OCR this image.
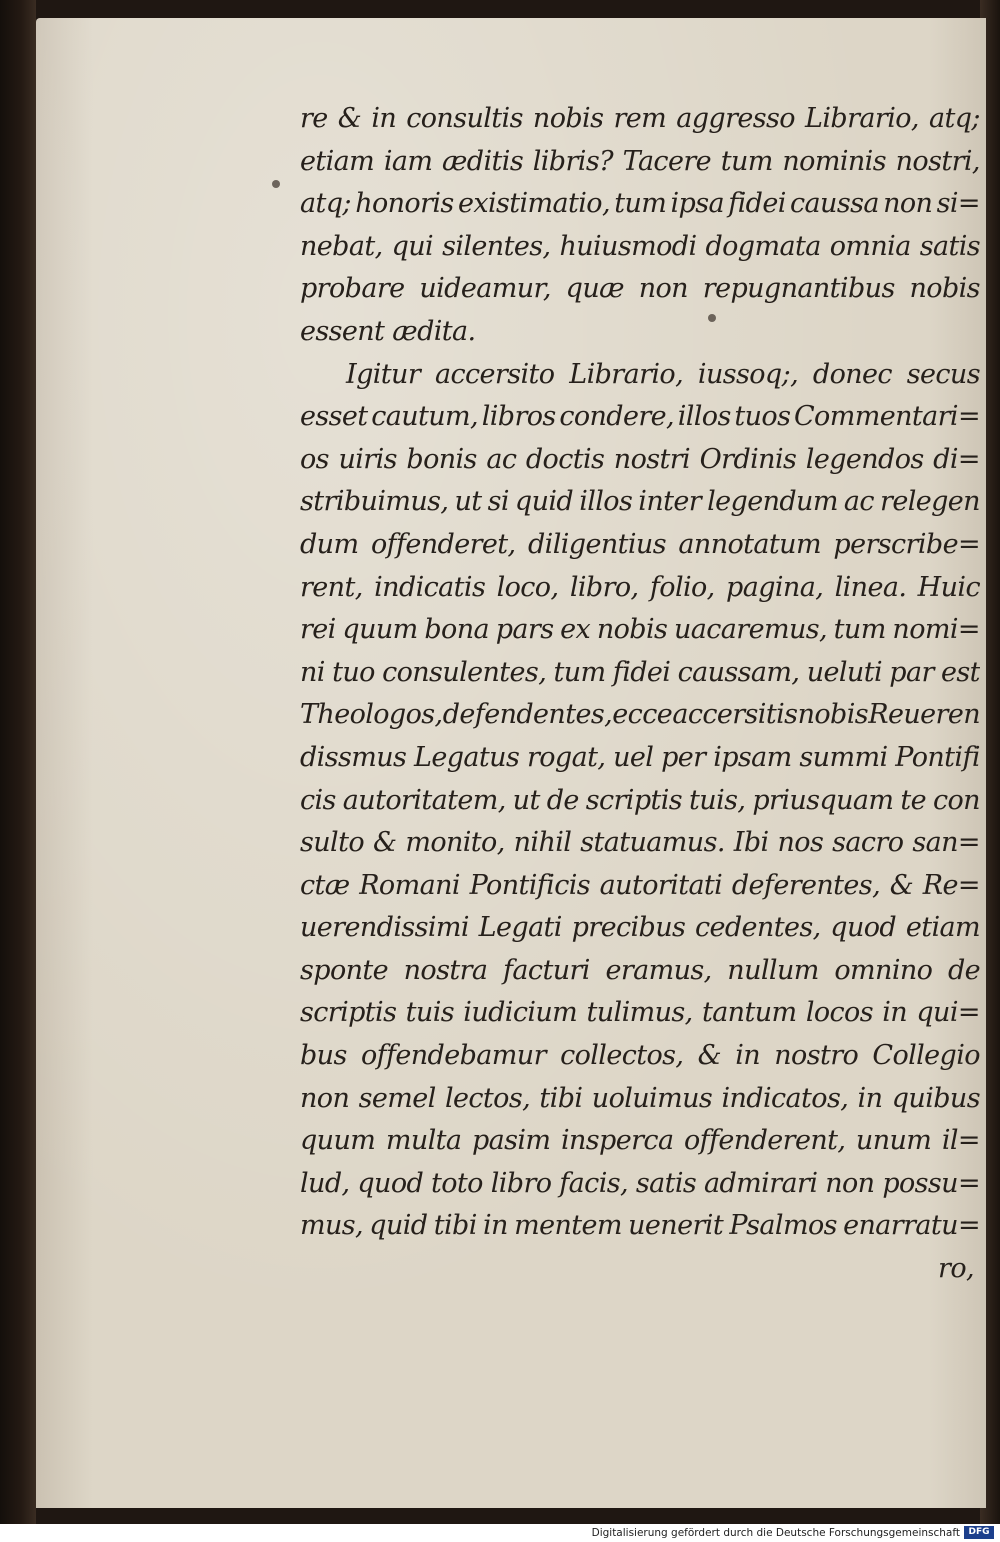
re & in consultis nobis rem aggresso Librario, atq;
etiam iam æditis libris? Tacere tum nominis nostri,
atq; honoris existimatio, tum ipsa fidei caussa non si=
nebat, qui silentes, huiusmodi dogmata omnia satis
probare uideamur, quæ non repugnantibus nobis
essent ædita.
Igitur accersito Librario, iussoq;, donec secus
esset cautum, libros condere, illos tuos Commentari=
os uiris bonis ac doctis nostri Ordinis legendos di=
stribuimus, ut si quid illos inter legendum ac relegen
dum offenderet, diligentius annotatum perscribe=
rent, indicatis loco, libro, folio, pagina, linea. Huic
rei quum bona pars ex nobis uacaremus, tum nomi=
ni tuo consulentes, tum fidei caussam, ueluti par est
Theologos, defendentes, ecce accersitis nobis Reueren
dissmus Legatus rogat, uel per ipsam summi Pontifi
cis autoritatem, ut de scriptis tuis, priusquam te con
sulto & monito, nihil statuamus. Ibi nos sacro san=
ctæ Romani Pontificis autoritati deferentes, & Re=
uerendissimi Legati precibus cedentes, quod etiam
sponte nostra facturi eramus, nullum omnino de
scriptis tuis iudicium tulimus, tantum locos in qui=
bus offendebamur collectos, & in nostro Collegio
non semel lectos, tibi uoluimus indicatos, in quibus
quum multa pasim insperса offenderent, unum il=
lud, quod toto libro facis, satis admirari non possu=
mus, quid tibi in mentem uenerit Psalmos enarratu=
ro,
Digitalisierung gefördert durch die Deutsche Forschungsgemeinschaft DFG
